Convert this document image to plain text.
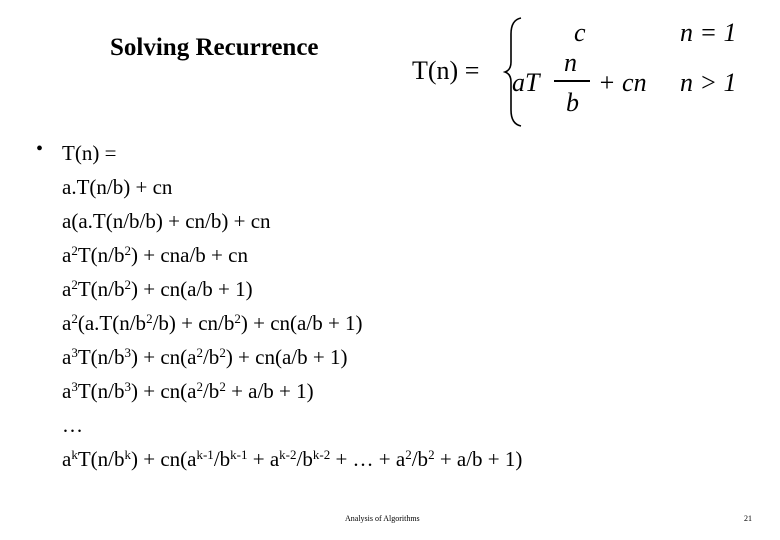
Solving Recurrence
T(n) =
c	n = 1
aT
n
b
+ cn n > 1
• T(n) =
a.T(n/b) + cn
a(a.T(n/b/b) + cn/b) + cn
$a^2T(n/b^2) + cna/b$ + cn
$a^2T(n/b^2) + cn(a/b + 1)$
$a^2(a.T(n/b^2/b) + cn/b^2) + cn(a/b + 1)$
$a^3T(n/b^3) + cn(a^2/b^2) + cn(a/b + 1)$
$a^3T(n/b^3) + cn(a^2/b^2 + a/b + 1)$
…
$a^kT(n/b^k) + cn(a^{k-1}/b^{k-1} + a^{k-2}/b^{k-2}$ + … + $a^2/b^2 + a/b + 1$)
Analysis of Algorithms	21
